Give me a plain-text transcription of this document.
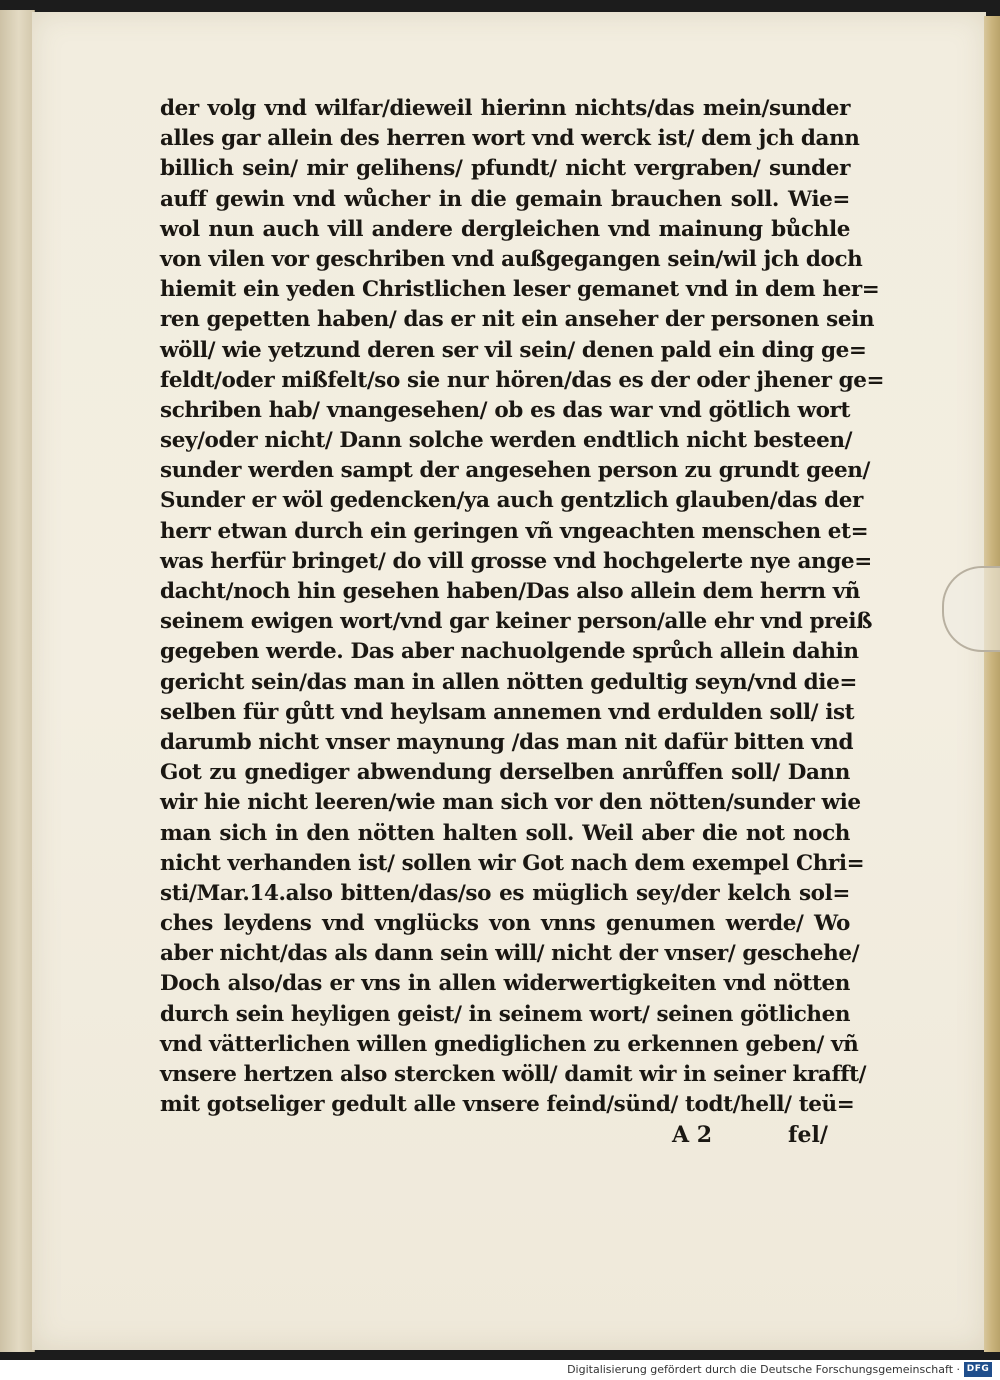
der volg vnd wilfar/dieweil hierinn nichts/das mein/sunder
alles gar allein des herren wort vnd werck ist/ dem jch dann
billich sein/ mir gelihens/ pfundt/ nicht vergraben/ sunder
auff gewin vnd wůcher in die gemain brauchen soll. Wie=
wol nun auch vill andere dergleichen vnd mainung bůchle
von vilen vor geschriben vnd außgegangen sein/wil jch doch
hiemit ein yeden Christlichen leser gemanet vnd in dem her=
ren gepetten haben/ das er nit ein anseher der personen sein
wöll/ wie yetzund deren ser vil sein/ denen pald ein ding ge=
feldt/oder mißfelt/so sie nur hören/das es der oder jhener ge=
schriben hab/ vnangesehen/ ob es das war vnd götlich wort
sey/oder nicht/ Dann solche werden endtlich nicht besteen/
sunder werden sampt der angesehen person zu grundt geen/
Sunder er wöl gedencken/ya auch gentzlich glauben/das der
herr etwan durch ein geringen vñ vngeachten menschen et=
was herfür bringet/ do vill grosse vnd hochgelerte nye ange=
dacht/noch hin gesehen haben/Das also allein dem herrn vñ
seinem ewigen wort/vnd gar keiner person/alle ehr vnd preiß
gegeben werde. Das aber nachuolgende sprůch allein dahin
gericht sein/das man in allen nötten gedultig seyn/vnd die=
selben für gůtt vnd heylsam annemen vnd erdulden soll/ ist
darumb nicht vnser maynung /das man nit dafür bitten vnd
Got zu gnediger abwendung derselben anrůffen soll/ Dann
wir hie nicht leeren/wie man sich vor den nötten/sunder wie
man sich in den nötten halten soll. Weil aber die not noch
nicht verhanden ist/ sollen wir Got nach dem exempel Chri=
sti/Mar.14.also bitten/das/so es müglich sey/der kelch sol=
ches leydens vnd vnglücks von vnns genumen werde/ Wo
aber nicht/das als dann sein will/ nicht der vnser/ geschehe/
Doch also/das er vns in allen widerwertigkeiten vnd nötten
durch sein heyligen geist/ in seinem wort/ seinen götlichen
vnd vätterlichen willen gnediglichen zu erkennen geben/ vñ
vnsere hertzen also stercken wöll/ damit wir in seiner krafft/
mit gotseliger gedult alle vnsere feind/sünd/ todt/hell/ teü=
A 2	fel/
Digitalisierung gefördert durch die Deutsche Forschungsgemeinschaft · DFG
